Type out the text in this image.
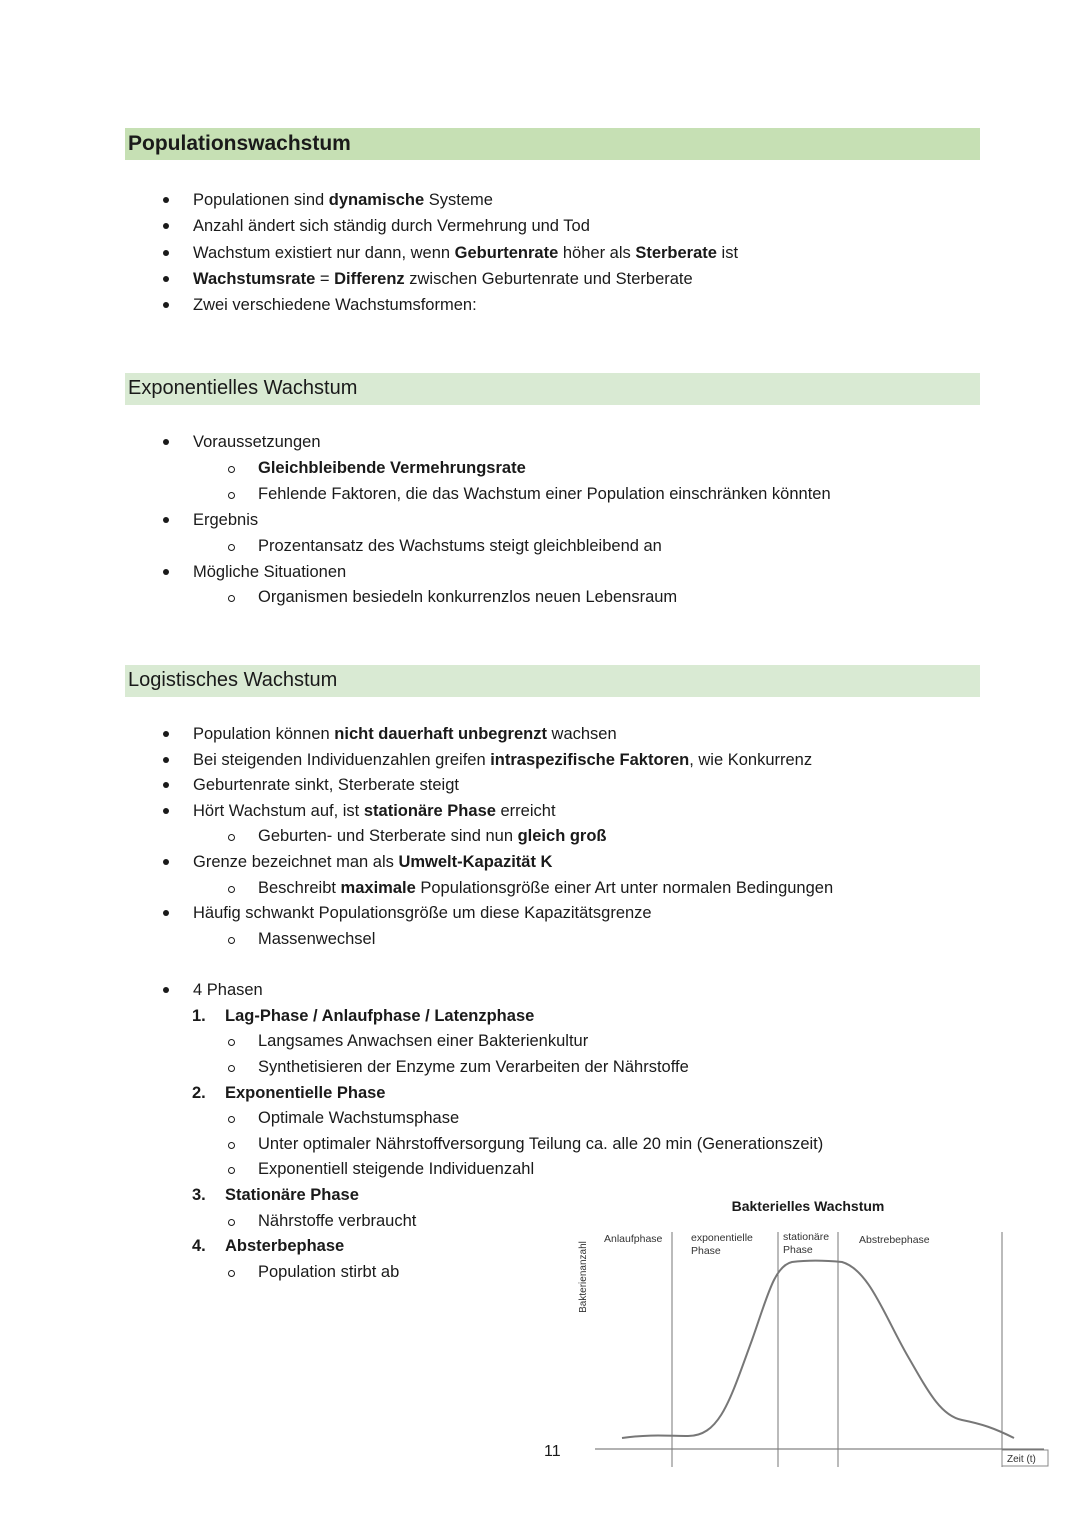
Populationswachstum
Exponentielles Wachstum
Logistisches Wachstum
Populationen sind dynamische Systeme
Anzahl ändert sich ständig durch Vermehrung und Tod
Wachstum existiert nur dann, wenn Geburtenrate höher als Sterberate ist
Wachstumsrate = Differenz zwischen Geburtenrate und Sterberate
Zwei verschiedene Wachstumsformen:
Voraussetzungen
Gleichbleibende Vermehrungsrate
Fehlende Faktoren, die das Wachstum einer Population einschränken könnten
Ergebnis
Prozentansatz des Wachstums steigt gleichbleibend an
Mögliche Situationen
Organismen besiedeln konkurrenzlos neuen Lebensraum
Population können nicht dauerhaft unbegrenzt wachsen
Bei steigenden Individuenzahlen greifen intraspezifische Faktoren, wie Konkurrenz
Geburtenrate sinkt, Sterberate steigt
Hört Wachstum auf, ist stationäre Phase erreicht
Geburten- und Sterberate sind nun gleich groß
Grenze bezeichnet man als Umwelt-Kapazität K
Beschreibt maximale Populationsgröße einer Art unter normalen Bedingungen
Häufig schwankt Populationsgröße um diese Kapazitätsgrenze
Massenwechsel
4 Phasen
1. Lag-Phase / Anlaufphase / Latenzphase
Langsames Anwachsen einer Bakterienkultur
Synthetisieren der Enzyme zum Verarbeiten der Nährstoffe
2. Exponentielle Phase
Optimale Wachstumsphase
Unter optimaler Nährstoffversorgung Teilung ca. alle 20 min (Generationszeit)
Exponentiell steigende Individuenzahl
3. Stationäre Phase
Nährstoffe verbraucht
4. Absterbephase
Population stirbt ab
11
Bakterielles Wachstum
Bakterienanzahl
Anlaufphase	exponentielle Phase
stationäre Phase
Abstrebephase
Zeit (t)
